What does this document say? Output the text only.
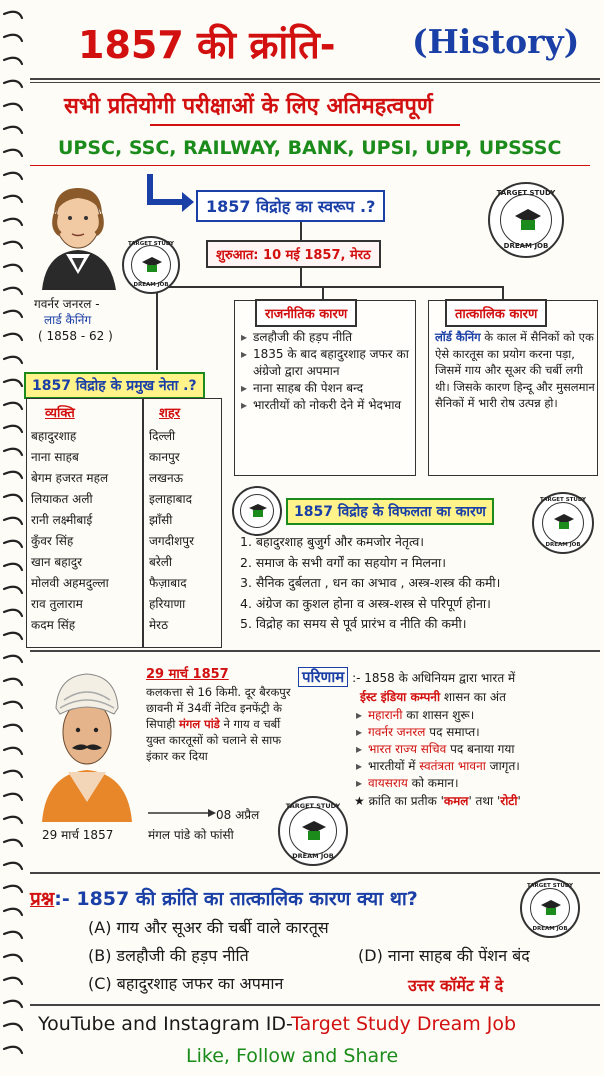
1857 की क्रांति- (History)
सभी प्रतियोगी परीक्षाओं के लिए अतिमहत्वपूर्ण
UPSC, SSC, RAILWAY, BANK, UPSI, UPP, UPSSSC
1857 विद्रोह का स्वरूप .?
शुरुआत: 10 मई 1857, मेरठ
TARGET STUDY
DREAM JOB
TARGET STUDY
DREAM JOB
गवर्नर जनरल -
लार्ड कैनिंग
( 1858 - 62 )
राजनीतिक कारण
▸ डलहौजी की हड़प नीति
▸ 1835 के बाद बहादुरशाह जफर का अंग्रेजो द्वारा अपमान
▸ नाना साहब की पेशन बन्द
▸ भारतीयों को नोकरी देने में भेदभाव
तात्कालिक कारण
लॉर्ड कैनिंग के काल में सैनिकों को एक ऐसे कारतूस का प्रयोग करना पड़ा, जिसमें गाय और सूअर की चर्बी लगी थी। जिसके कारण हिन्दू और मुसलमान सैनिकों में भारी रोष उत्पन्न हो।
1857 विद्रोह के प्रमुख नेता .?
व्यक्ति	शहर
बहादुरशाह	दिल्ली
नाना साहब	कानपुर
बेगम हजरत महल	लखनऊ
लियाकत अली	इलाहाबाद
रानी लक्ष्मीबाई	झाँसी
कुँवर सिंह	जगदीशपुर
खान बहादुर	बरेली
मोलवी अहमदुल्ला	फैज़ाबाद
राव तुलाराम	हरियाणा
कदम सिंह	मेरठ
1857 विद्रोह के विफलता का कारण
TARGET STUDY
DREAM JOB
1. बहादुरशाह बुजुर्ग और कमजोर नेतृत्व।
2. समाज के सभी वर्गों का सहयोग न मिलना।
3. सैनिक दुर्बलता , धन का अभाव , अस्त्र-शस्त्र की कमी।
4. अंग्रेज का कुशल होना व अस्त्र-शस्त्र से परिपूर्ण होना।
5. विद्रोह का समय से पूर्व प्रारंभ व नीति की कमी।
29 मार्च 1857
29 मार्च 1857
कलकत्ता से 16 किमी. दूर बैरकपुर छावनी में 34वीं नेटिव इनफेंट्री के सिपाही मंगल पांडे ने गाय व चर्बी युक्त कारतूसों को चलाने से साफ इंकार कर दिया
08 अप्रैल
मंगल पांडे को फांसी
TARGET STUDY
DREAM JOB
परिणाम :- 1858 के अधिनियम द्वारा भारत में
ईस्ट इंडिया कम्पनी शासन का अंत
▸ महारानी का शासन शुरू।
▸ गवर्नर जनरल पद समाप्त।
▸ भारत राज्य सचिव पद बनाया गया
▸ भारतीयों में स्वतंत्रता भावना जागृत।
▸ वायसराय को कमान।
★ क्रांति का प्रतीक 'कमल' तथा 'रोटी'
प्रश्न:- 1857 की क्रांति का तात्कालिक कारण क्या था?
TARGET STUDY
DREAM JOB
(A) गाय और सूअर की चर्बी वाले कारतूस
(B) डलहौजी की हड़प नीति	(D) नाना साहब की पेंशन बंद
(C) बहादुरशाह जफर का अपमान	उत्तर कॉमेंट में दे
YouTube and Instagram ID-Target Study Dream Job
Like, Follow and Share
